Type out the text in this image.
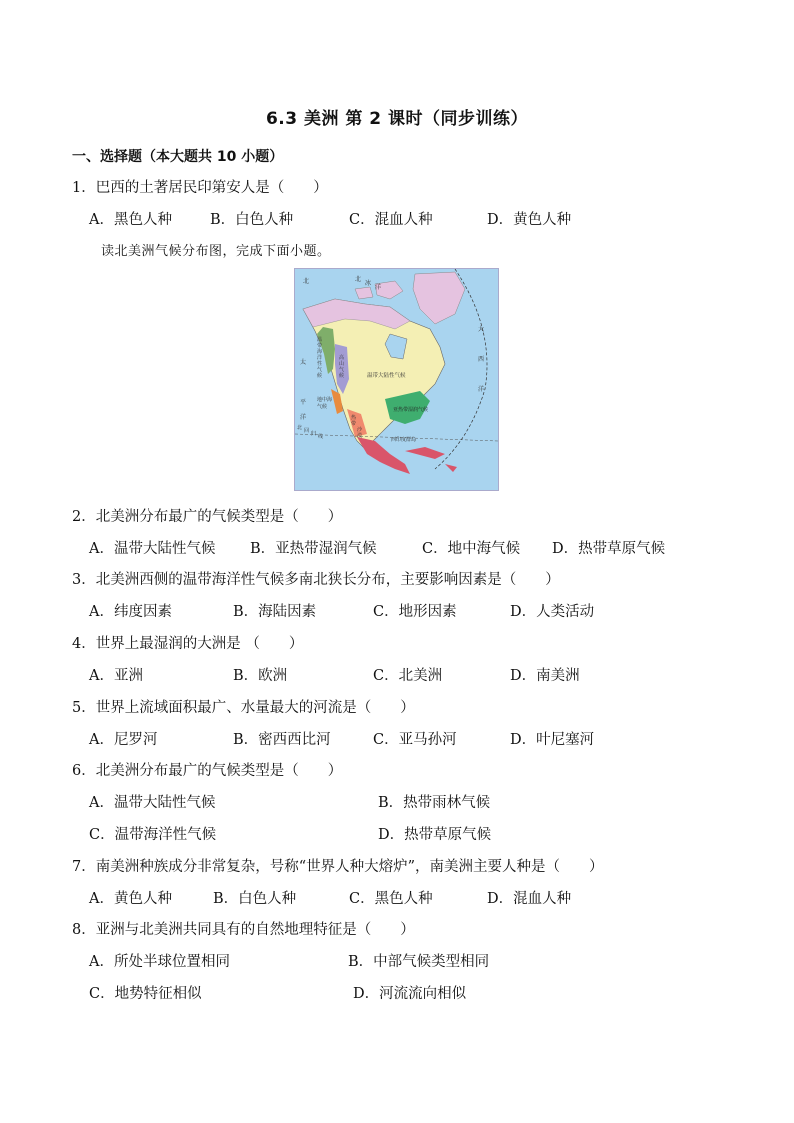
6.3 美洲 第 2 课时（同步训练）
一、选择题（本大题共 10 小题）
1．巴西的土著居民印第安人是（　　）
A．黑色人种	B．白色人种	C．混血人种	D．黄色人种
读北美洲气候分布图，完成下面小题。
北	北
冰
洋
太
平
洋
大
西
洋
温带大陆性气候
亚热带湿润气候
地中海
气候
高
山
气
候
温
带
海
洋
性
气
候
北 回 归 线	西印度群岛
热
带
沙
漠
2．北美洲分布最广的气候类型是（　　）
A．温带大陆性气候 B．亚热带湿润气候	C．地中海气候 D．热带草原气候
3．北美洲西侧的温带海洋性气候多南北狭长分布，主要影响因素是（　　）
A．纬度因素	B．海陆因素	C．地形因素	D．人类活动
4．世界上最湿润的大洲是 （　　）
A．亚洲	B．欧洲	C．北美洲	D．南美洲
5．世界上流域面积最广、水量最大的河流是（　　）
A．尼罗河	B．密西西比河	C．亚马孙河	D．叶尼塞河
6．北美洲分布最广的气候类型是（　　）
A．温带大陆性气候	B．热带雨林气候
C．温带海洋性气候	D．热带草原气候
7．南美洲种族成分非常复杂，号称“世界人种大熔炉”，南美洲主要人种是（　　）
A．黄色人种	B．白色人种	C．黑色人种	D．混血人种
8．亚洲与北美洲共同具有的自然地理特征是（　　）
A．所处半球位置相同	B．中部气候类型相同
C．地势特征相似	D．河流流向相似
